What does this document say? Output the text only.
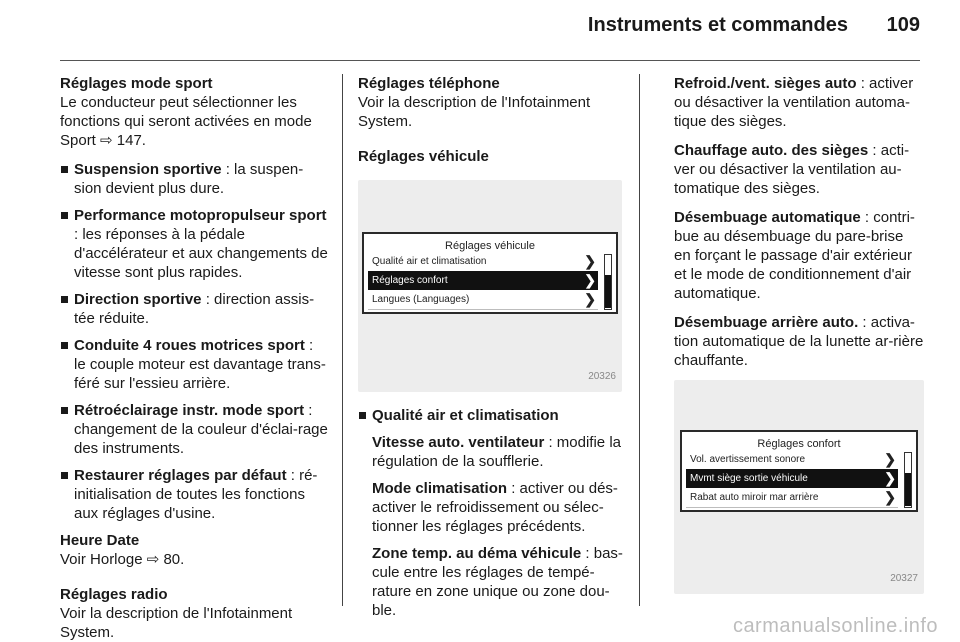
Instruments et commandes 109

Réglages mode sport

Le conducteur peut sélectionner les fonctions qui seront activées en mode Sport ⇨ 147.

Suspension sportive : la suspen-sion devient plus dure.
Performance motopropulseur sport : les réponses à la pédale d'accélérateur et aux changements de vitesse sont plus rapides.
Direction sportive : direction assis-tée réduite.
Conduite 4 roues motrices sport : le couple moteur est davantage trans-féré sur l'essieu arrière.
Rétroéclairage instr. mode sport : changement de la couleur d'éclai-rage des instruments.
Restaurer réglages par défaut : ré-initialisation de toutes les fonctions aux réglages d'usine.

Heure Date

Voir Horloge ⇨ 80.

Réglages radio

Voir la description de l'Infotainment System.

Réglages téléphone

Voir la description de l'Infotainment System.

Réglages véhicule

Réglages véhicule
Qualité air et climatisation	❯
Réglages confort	❯
Langues (Languages)	❯
20326
Qualité air et climatisation
Vitesse auto. ventilateur : modifie la régulation de la soufflerie.
Mode climatisation : activer ou dés-activer le refroidissement ou sélec-tionner les réglages précédents.
Zone temp. au déma véhicule : bas-cule entre les réglages de tempé-rature en zone unique ou zone dou-ble.

Refroid./vent. sièges auto : activer ou désactiver la ventilation automa-tique des sièges.

Chauffage auto. des sièges : acti-ver ou désactiver la ventilation au-tomatique des sièges.

Désembuage automatique : contri-bue au désembuage du pare-brise en forçant le passage d'air extérieur et le mode de conditionnement d'air automatique.

Désembuage arrière auto. : activa-tion automatique de la lunette ar-rière chauffante.

Réglages confort
Vol. avertissement sonore	❯
Mvmt siège sortie véhicule	❯
Rabat auto miroir mar arrière	❯
20327
carmanualsonline.info
